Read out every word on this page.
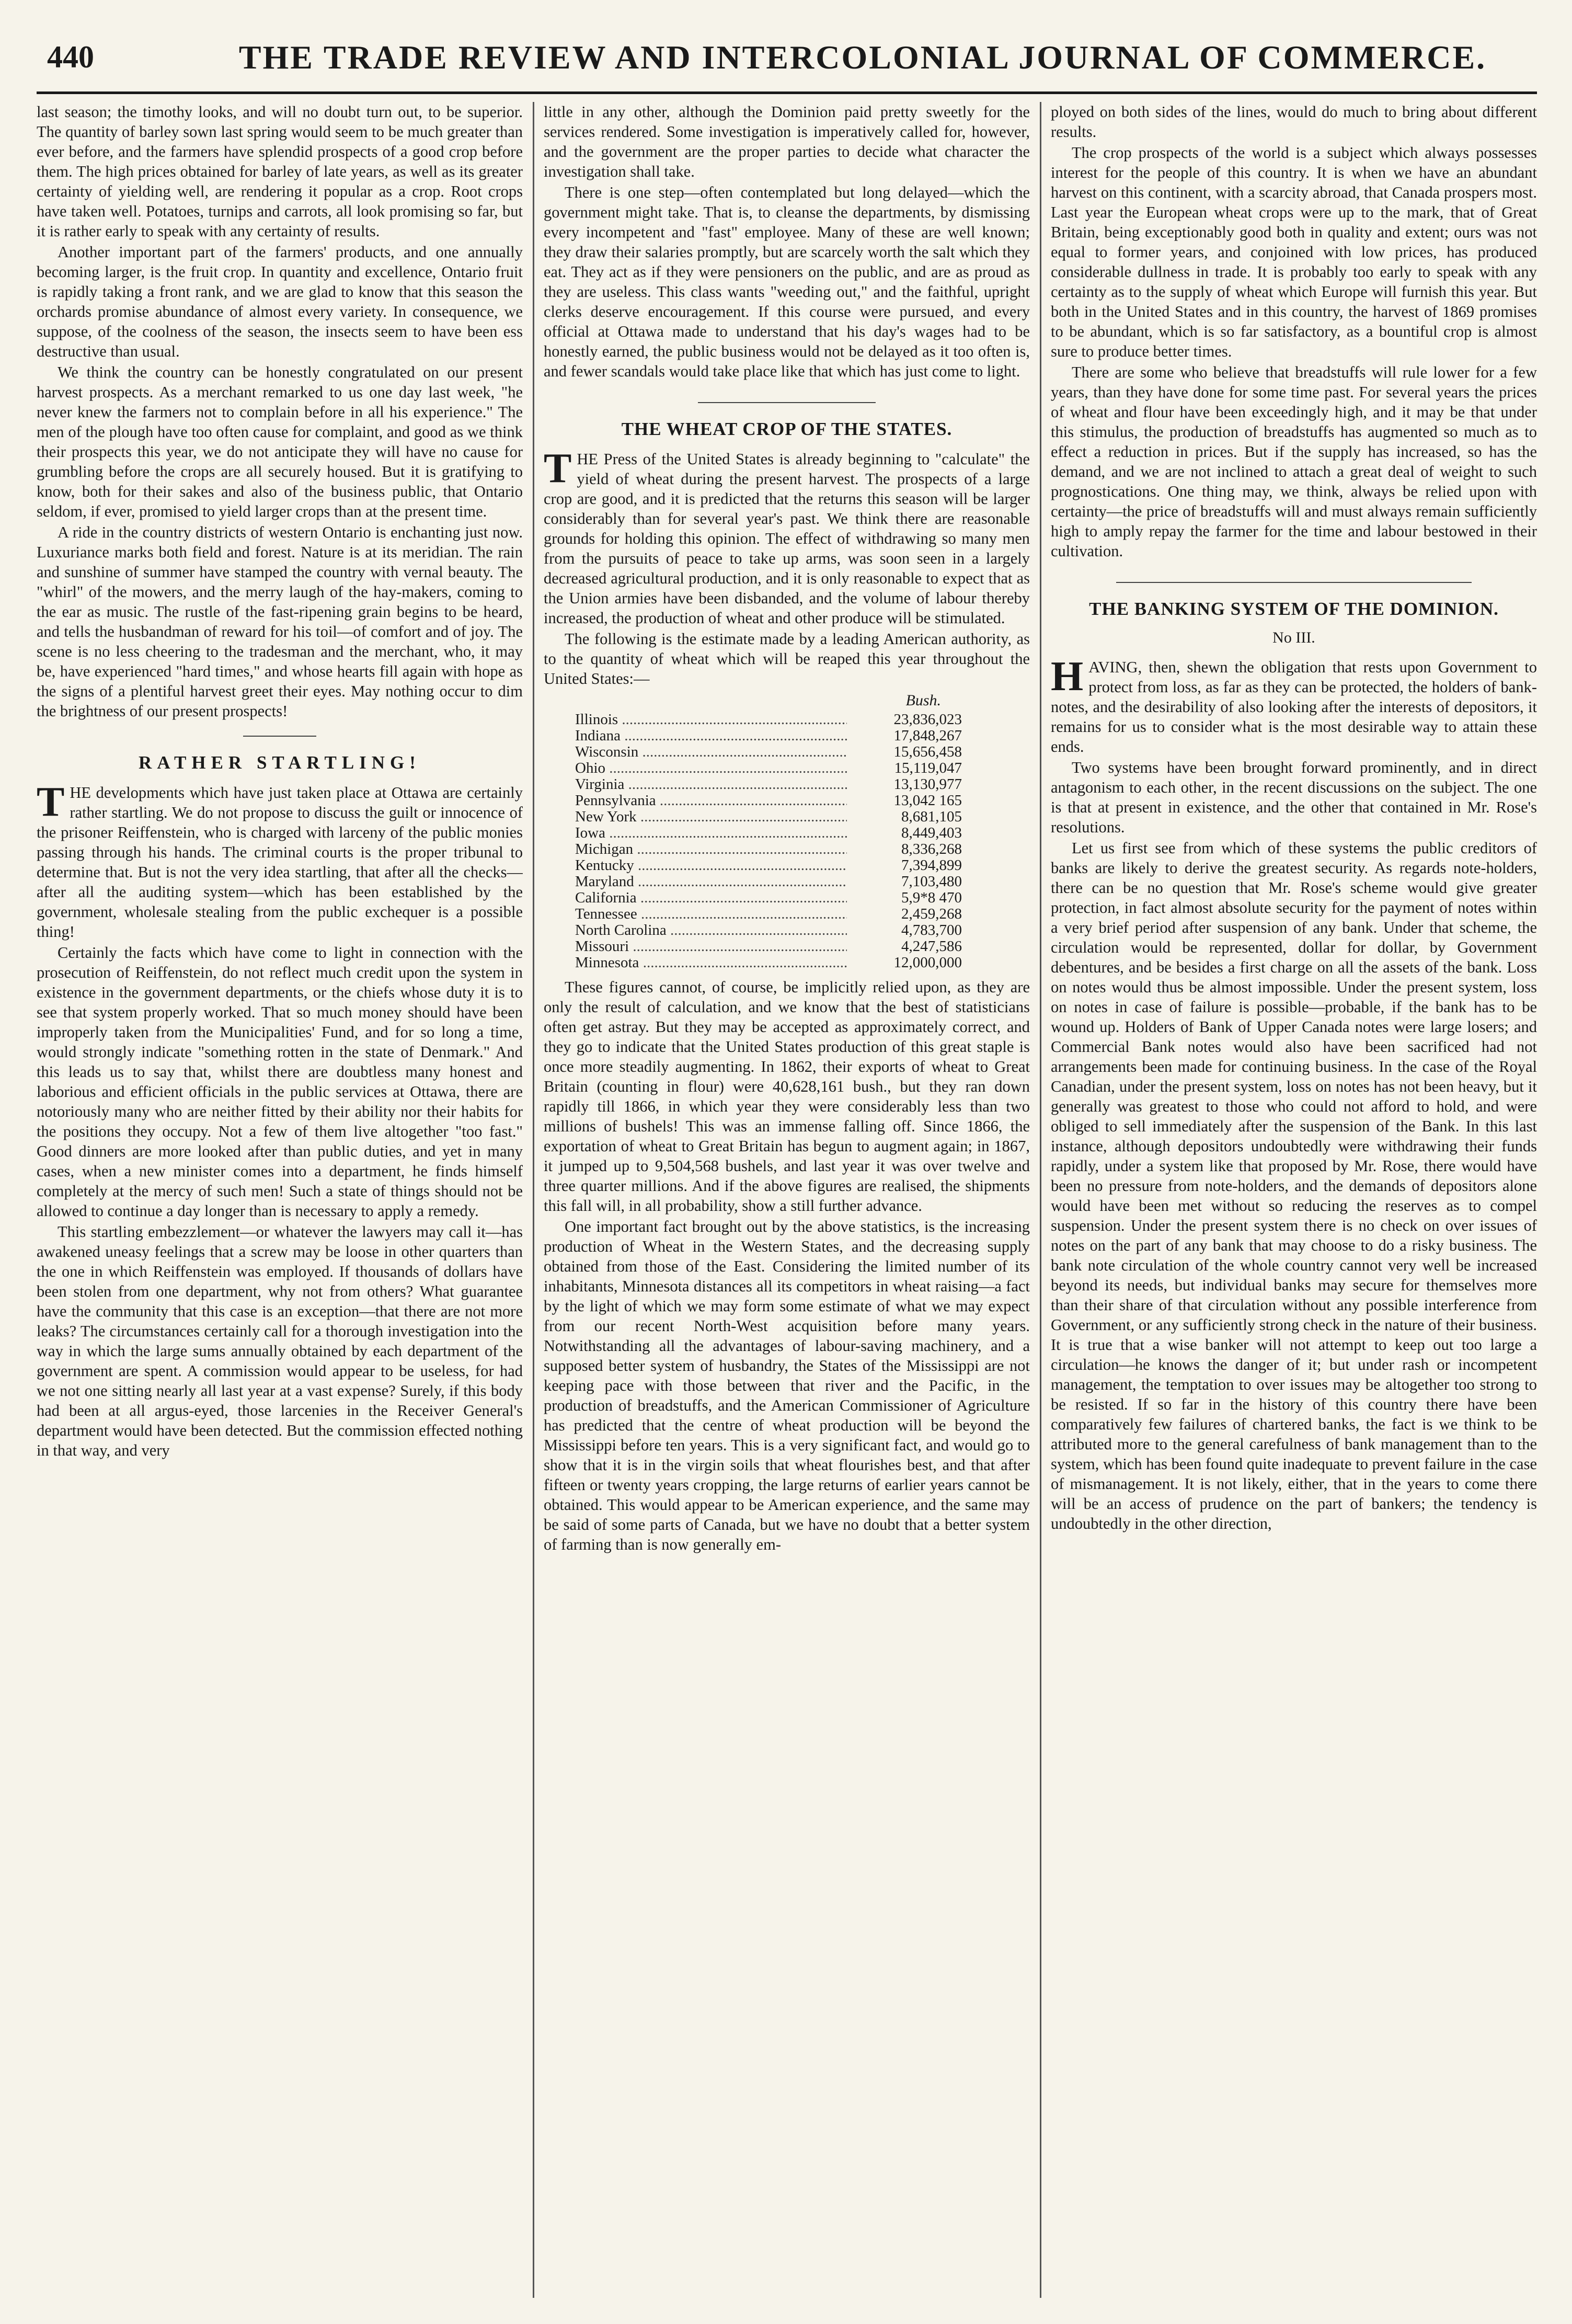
440	THE TRADE REVIEW AND INTERCOLONIAL JOURNAL OF COMMERCE.

last season; the timothy looks, and will no doubt turn out, to be superior. The quantity of barley sown last spring would seem to be much greater than ever before, and the farmers have splendid prospects of a good crop before them. The high prices obtained for barley of late years, as well as its greater certainty of yielding well, are rendering it popular as a crop. Root crops have taken well. Potatoes, turnips and carrots, all look promising so far, but it is rather early to speak with any certainty of results.

Another important part of the farmers' products, and one annually becoming larger, is the fruit crop. In quantity and excellence, Ontario fruit is rapidly taking a front rank, and we are glad to know that this season the orchards promise abundance of almost every variety. In consequence, we suppose, of the coolness of the season, the insects seem to have been ess destructive than usual.

We think the country can be honestly congratulated on our present harvest prospects. As a merchant remarked to us one day last week, "he never knew the farmers not to complain before in all his experience." The men of the plough have too often cause for complaint, and good as we think their prospects this year, we do not anticipate they will have no cause for grumbling before the crops are all securely housed. But it is gratifying to know, both for their sakes and also of the business public, that Ontario seldom, if ever, promised to yield larger crops than at the present time.

A ride in the country districts of western Ontario is enchanting just now. Luxuriance marks both field and forest. Nature is at its meridian. The rain and sunshine of summer have stamped the country with vernal beauty. The "whirl" of the mowers, and the merry laugh of the hay-makers, coming to the ear as music. The rustle of the fast-ripening grain begins to be heard, and tells the husbandman of reward for his toil—of comfort and of joy. The scene is no less cheering to the tradesman and the merchant, who, it may be, have experienced "hard times," and whose hearts fill again with hope as the signs of a plentiful harvest greet their eyes. May nothing occur to dim the brightness of our present prospects!

RATHER STARTLING!

THE developments which have just taken place at Ottawa are certainly rather startling. We do not propose to discuss the guilt or innocence of the prisoner Reiffenstein, who is charged with larceny of the public monies passing through his hands. The criminal courts is the proper tribunal to determine that. But is not the very idea startling, that after all the checks—after all the auditing system—which has been established by the government, wholesale stealing from the public exchequer is a possible thing!

Certainly the facts which have come to light in connection with the prosecution of Reiffenstein, do not reflect much credit upon the system in existence in the government departments, or the chiefs whose duty it is to see that system properly worked. That so much money should have been improperly taken from the Municipalities' Fund, and for so long a time, would strongly indicate "something rotten in the state of Denmark." And this leads us to say that, whilst there are doubtless many honest and laborious and efficient officials in the public services at Ottawa, there are notoriously many who are neither fitted by their ability nor their habits for the positions they occupy. Not a few of them live altogether "too fast." Good dinners are more looked after than public duties, and yet in many cases, when a new minister comes into a department, he finds himself completely at the mercy of such men! Such a state of things should not be allowed to continue a day longer than is necessary to apply a remedy.

This startling embezzlement—or whatever the lawyers may call it—has awakened uneasy feelings that a screw may be loose in other quarters than the one in which Reiffenstein was employed. If thousands of dollars have been stolen from one department, why not from others? What guarantee have the community that this case is an exception—that there are not more leaks? The circumstances certainly call for a thorough investigation into the way in which the large sums annually obtained by each department of the government are spent. A commission would appear to be useless, for had we not one sitting nearly all last year at a vast expense? Surely, if this body had been at all argus-eyed, those larcenies in the Receiver General's department would have been detected. But the commission effected nothing in that way, and very

little in any other, although the Dominion paid pretty sweetly for the services rendered. Some investigation is imperatively called for, however, and the government are the proper parties to decide what character the investigation shall take.

There is one step—often contemplated but long delayed—which the government might take. That is, to cleanse the departments, by dismissing every incompetent and "fast" employee. Many of these are well known; they draw their salaries promptly, but are scarcely worth the salt which they eat. They act as if they were pensioners on the public, and are as proud as they are useless. This class wants "weeding out," and the faithful, upright clerks deserve encouragement. If this course were pursued, and every official at Ottawa made to understand that his day's wages had to be honestly earned, the public business would not be delayed as it too often is, and fewer scandals would take place like that which has just come to light.

THE WHEAT CROP OF THE STATES.

THE Press of the United States is already beginning to "calculate" the yield of wheat during the present harvest. The prospects of a large crop are good, and it is predicted that the returns this season will be larger considerably than for several year's past. We think there are reasonable grounds for holding this opinion. The effect of withdrawing so many men from the pursuits of peace to take up arms, was soon seen in a largely decreased agricultural production, and it is only reasonable to expect that as the Union armies have been disbanded, and the volume of labour thereby increased, the production of wheat and other produce will be stimulated.

The following is the estimate made by a leading American authority, as to the quantity of wheat which will be reaped this year throughout the United States:—

Bush.
Illinois .....	23,836,023
Indiana .....	17,848,267
Wisconsin .....	15,656,458
Ohio .....	15,119,047
Virginia .....	13,130,977
Pennsylvania .....	13,042 165
New York .....	8,681,105
Iowa .....	8,449,403
Michigan .....	8,336,268
Kentucky .....	7,394,899
Maryland .....	7,103,480
California .....	5,9*8 470
Tennessee .....	2,459,268
North Carolina .....	4,783,700
Missouri .....	4,247,586
Minnesota .....	12,000,000

These figures cannot, of course, be implicitly relied upon, as they are only the result of calculation, and we know that the best of statisticians often get astray. But they may be accepted as approximately correct, and they go to indicate that the United States production of this great staple is once more steadily augmenting. In 1862, their exports of wheat to Great Britain (counting in flour) were 40,628,161 bush., but they ran down rapidly till 1866, in which year they were considerably less than two millions of bushels! This was an immense falling off. Since 1866, the exportation of wheat to Great Britain has begun to augment again; in 1867, it jumped up to 9,504,568 bushels, and last year it was over twelve and three quarter millions. And if the above figures are realised, the shipments this fall will, in all probability, show a still further advance.

One important fact brought out by the above statistics, is the increasing production of Wheat in the Western States, and the decreasing supply obtained from those of the East. Considering the limited number of its inhabitants, Minnesota distances all its competitors in wheat raising—a fact by the light of which we may form some estimate of what we may expect from our recent North-West acquisition before many years. Notwithstanding all the advantages of labour-saving machinery, and a supposed better system of husbandry, the States of the Mississippi are not keeping pace with those between that river and the Pacific, in the production of breadstuffs, and the American Commissioner of Agriculture has predicted that the centre of wheat production will be beyond the Mississippi before ten years. This is a very significant fact, and would go to show that it is in the virgin soils that wheat flourishes best, and that after fifteen or twenty years cropping, the large returns of earlier years cannot be obtained. This would appear to be American experience, and the same may be said of some parts of Canada, but we have no doubt that a better system of farming than is now generally em-

ployed on both sides of the lines, would do much to bring about different results.

The crop prospects of the world is a subject which always possesses interest for the people of this country. It is when we have an abundant harvest on this continent, with a scarcity abroad, that Canada prospers most. Last year the European wheat crops were up to the mark, that of Great Britain, being exceptionably good both in quality and extent; ours was not equal to former years, and conjoined with low prices, has produced considerable dullness in trade. It is probably too early to speak with any certainty as to the supply of wheat which Europe will furnish this year. But both in the United States and in this country, the harvest of 1869 promises to be abundant, which is so far satisfactory, as a bountiful crop is almost sure to produce better times.

There are some who believe that breadstuffs will rule lower for a few years, than they have done for some time past. For several years the prices of wheat and flour have been exceedingly high, and it may be that under this stimulus, the production of breadstuffs has augmented so much as to effect a reduction in prices. But if the supply has increased, so has the demand, and we are not inclined to attach a great deal of weight to such prognostications. One thing may, we think, always be relied upon with certainty—the price of breadstuffs will and must always remain sufficiently high to amply repay the farmer for the time and labour bestowed in their cultivation.

THE BANKING SYSTEM OF THE DOMINION.
No III.

HAVING, then, shewn the obligation that rests upon Government to protect from loss, as far as they can be protected, the holders of bank-notes, and the desirability of also looking after the interests of depositors, it remains for us to consider what is the most desirable way to attain these ends.

Two systems have been brought forward prominently, and in direct antagonism to each other, in the recent discussions on the subject. The one is that at present in existence, and the other that contained in Mr. Rose's resolutions.

Let us first see from which of these systems the public creditors of banks are likely to derive the greatest security. As regards note-holders, there can be no question that Mr. Rose's scheme would give greater protection, in fact almost absolute security for the payment of notes within a very brief period after suspension of any bank. Under that scheme, the circulation would be represented, dollar for dollar, by Government debentures, and be besides a first charge on all the assets of the bank. Loss on notes would thus be almost impossible. Under the present system, loss on notes in case of failure is possible—probable, if the bank has to be wound up. Holders of Bank of Upper Canada notes were large losers; and Commercial Bank notes would also have been sacrificed had not arrangements been made for continuing business. In the case of the Royal Canadian, under the present system, loss on notes has not been heavy, but it generally was greatest to those who could not afford to hold, and were obliged to sell immediately after the suspension of the Bank. In this last instance, although depositors undoubtedly were withdrawing their funds rapidly, under a system like that proposed by Mr. Rose, there would have been no pressure from note-holders, and the demands of depositors alone would have been met without so reducing the reserves as to compel suspension. Under the present system there is no check on over issues of notes on the part of any bank that may choose to do a risky business. The bank note circulation of the whole country cannot very well be increased beyond its needs, but individual banks may secure for themselves more than their share of that circulation without any possible interference from Government, or any sufficiently strong check in the nature of their business. It is true that a wise banker will not attempt to keep out too large a circulation—he knows the danger of it; but under rash or incompetent management, the temptation to over issues may be altogether too strong to be resisted. If so far in the history of this country there have been comparatively few failures of chartered banks, the fact is we think to be attributed more to the general carefulness of bank management than to the system, which has been found quite inadequate to prevent failure in the case of mismanagement. It is not likely, either, that in the years to come there will be an access of prudence on the part of bankers; the tendency is undoubtedly in the other direction,
